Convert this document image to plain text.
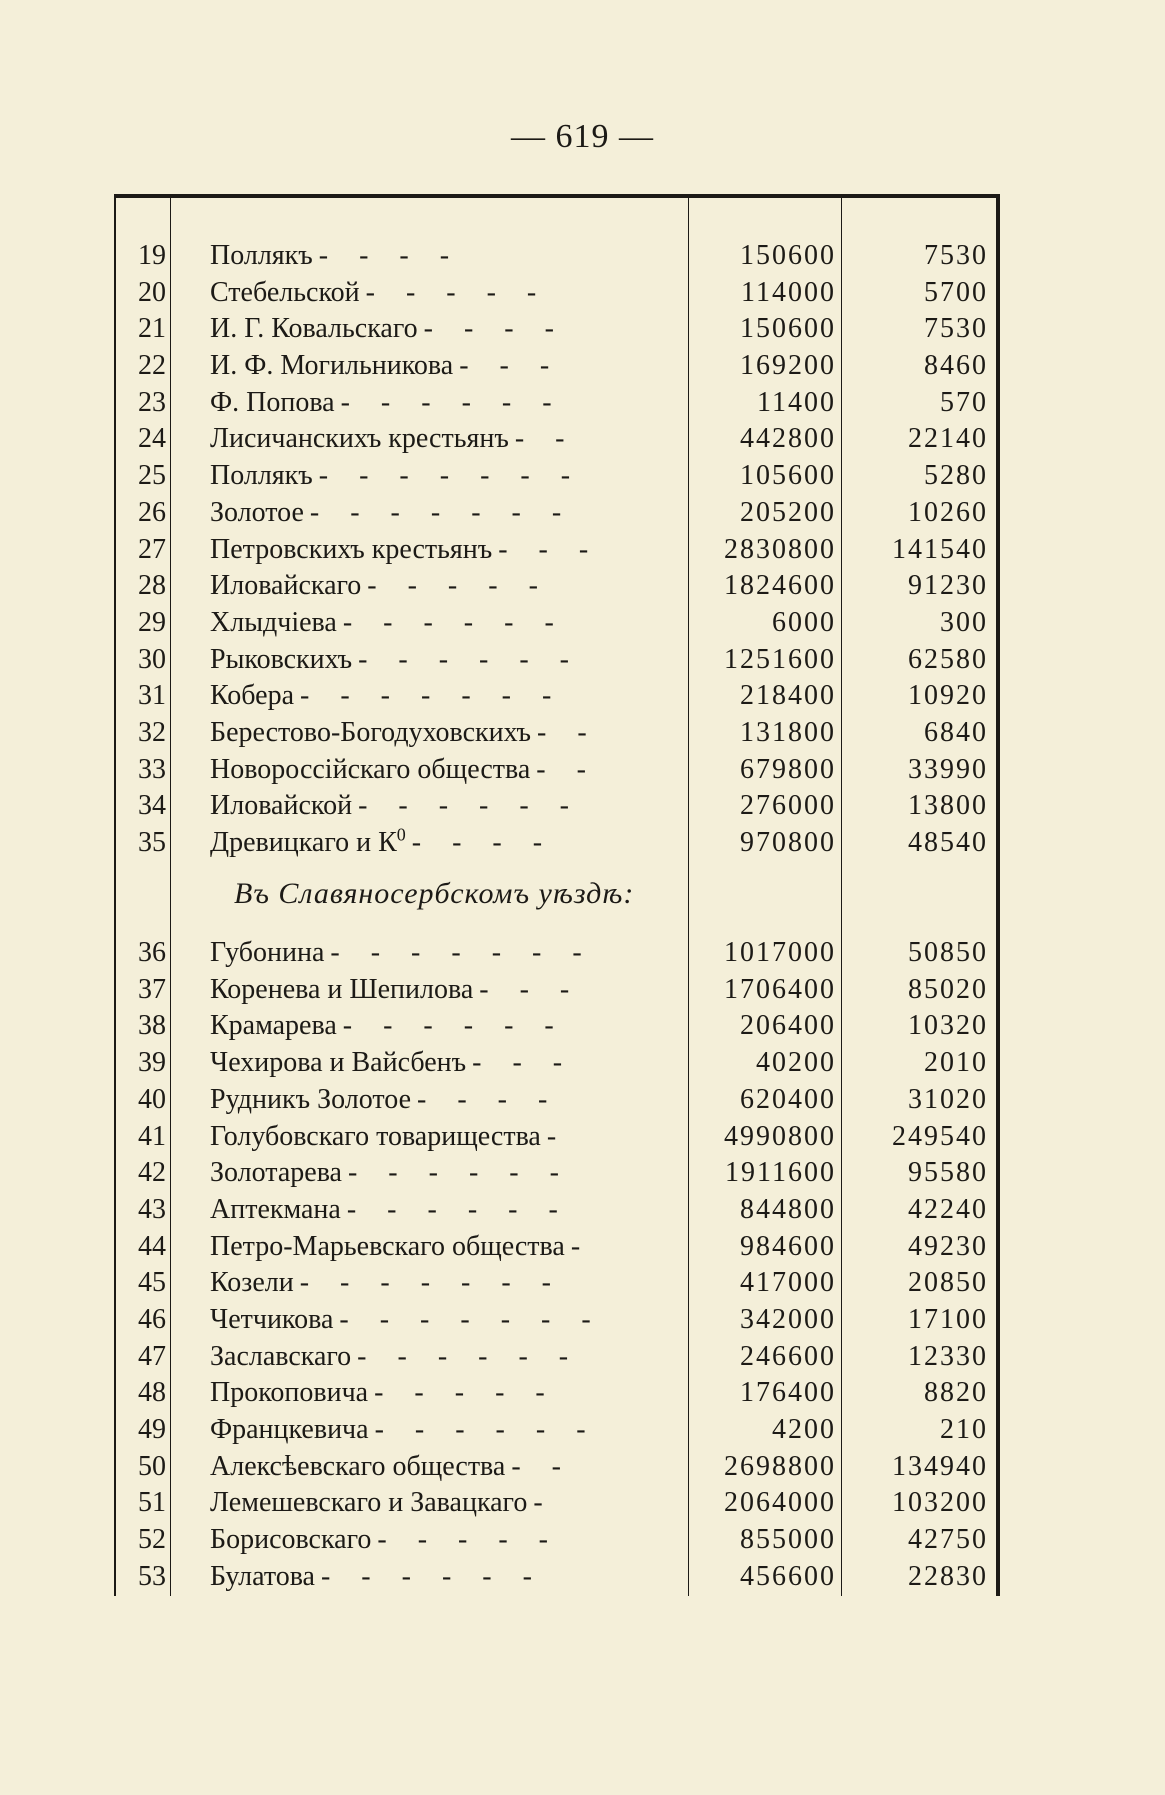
— 619 —
19 Поллякъ - - - -	150600	7530
20 Стебельской - - - - -	114000	5700
21 И. Г. Ковальскаго - - - -	150600	7530
22 И. Ф. Могильникова - - -	169200	8460
23 Ф. Попова - - - - - -	11400	570
24 Лисичанскихъ крестьянъ - -	442800	22140
25 Поллякъ - - - - - - -	105600	5280
26 Золотое - - - - - - -	205200	10260
27 Петровскихъ крестьянъ - - -	2830800	141540
28 Иловайскаго - - - - -	1824600	91230
29 Хлыдчiева - - - - - -	6000	300
30 Рыковскихъ - - - - - -	1251600	62580
31 Кобера - - - - - - -	218400	10920
32 Берестово-Богодуховскихъ - -	131800	6840
33 Новороссiйскаго общества - -	679800	33990
34 Иловайской - - - - - -	276000	13800
35 Древицкаго и $К^0$ - - - -	970800	48540
Въ Славяносербскомъ уѣздѣ:
36 Губонина - - - - - - -	1017000	50850
37 Коренева и Шепилова - - -	1706400	85020
38 Крамарева - - - - - -	206400	10320
39 Чехирова и Вайсбенъ - - -	40200	2010
40 Рудникъ Золотое - - - -	620400	31020
41 Голубовскаго товарищества -	4990800	249540
42 Золотарева - - - - - -	1911600	95580
43 Аптекмана - - - - - -	844800	42240
44 Петро-Марьевскаго общества -	984600	49230
45 Козели - - - - - - -	417000	20850
46 Четчикова - - - - - - -	342000	17100
47 Заславскаго - - - - - -	246600	12330
48 Прокоповича - - - - -	176400	8820
49 Францкевича - - - - - -	4200	210
50 Алексѣевскаго общества - -	2698800	134940
51 Лемешевскаго и Завацкаго -	2064000	103200
52 Борисовскаго - - - - -	855000	42750
53 Булатова - - - - - -	456600	22830
